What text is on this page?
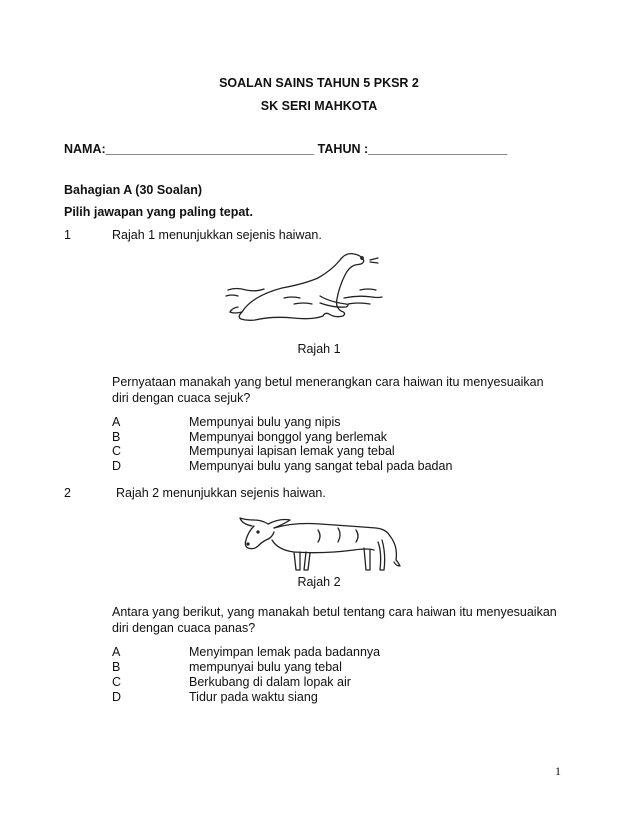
SOALAN SAINS TAHUN 5 PKSR 2
SK SERI MAHKOTA
NAMA:______________________________ TAHUN :____________________
Bahagian A (30 Soalan)
Pilih jawapan yang paling tepat.
1	Rajah 1 menunjukkan sejenis haiwan.
Rajah 1
Pernyataan manakah yang betul menerangkan cara haiwan itu menyesuaikan
diri dengan cuaca sejuk?
A	Mempunyai bulu yang nipis
B	Mempunyai bonggol yang berlemak
C	Mempunyai lapisan lemak yang tebal
D	Mempunyai bulu yang sangat tebal pada badan
2	Rajah 2 menunjukkan sejenis haiwan.
Rajah 2
Antara yang berikut, yang manakah betul tentang cara haiwan itu menyesuaikan
diri dengan cuaca panas?
A	Menyimpan lemak pada badannya
B	mempunyai bulu yang tebal
C	Berkubang di dalam lopak air
D	Tidur pada waktu siang
1
